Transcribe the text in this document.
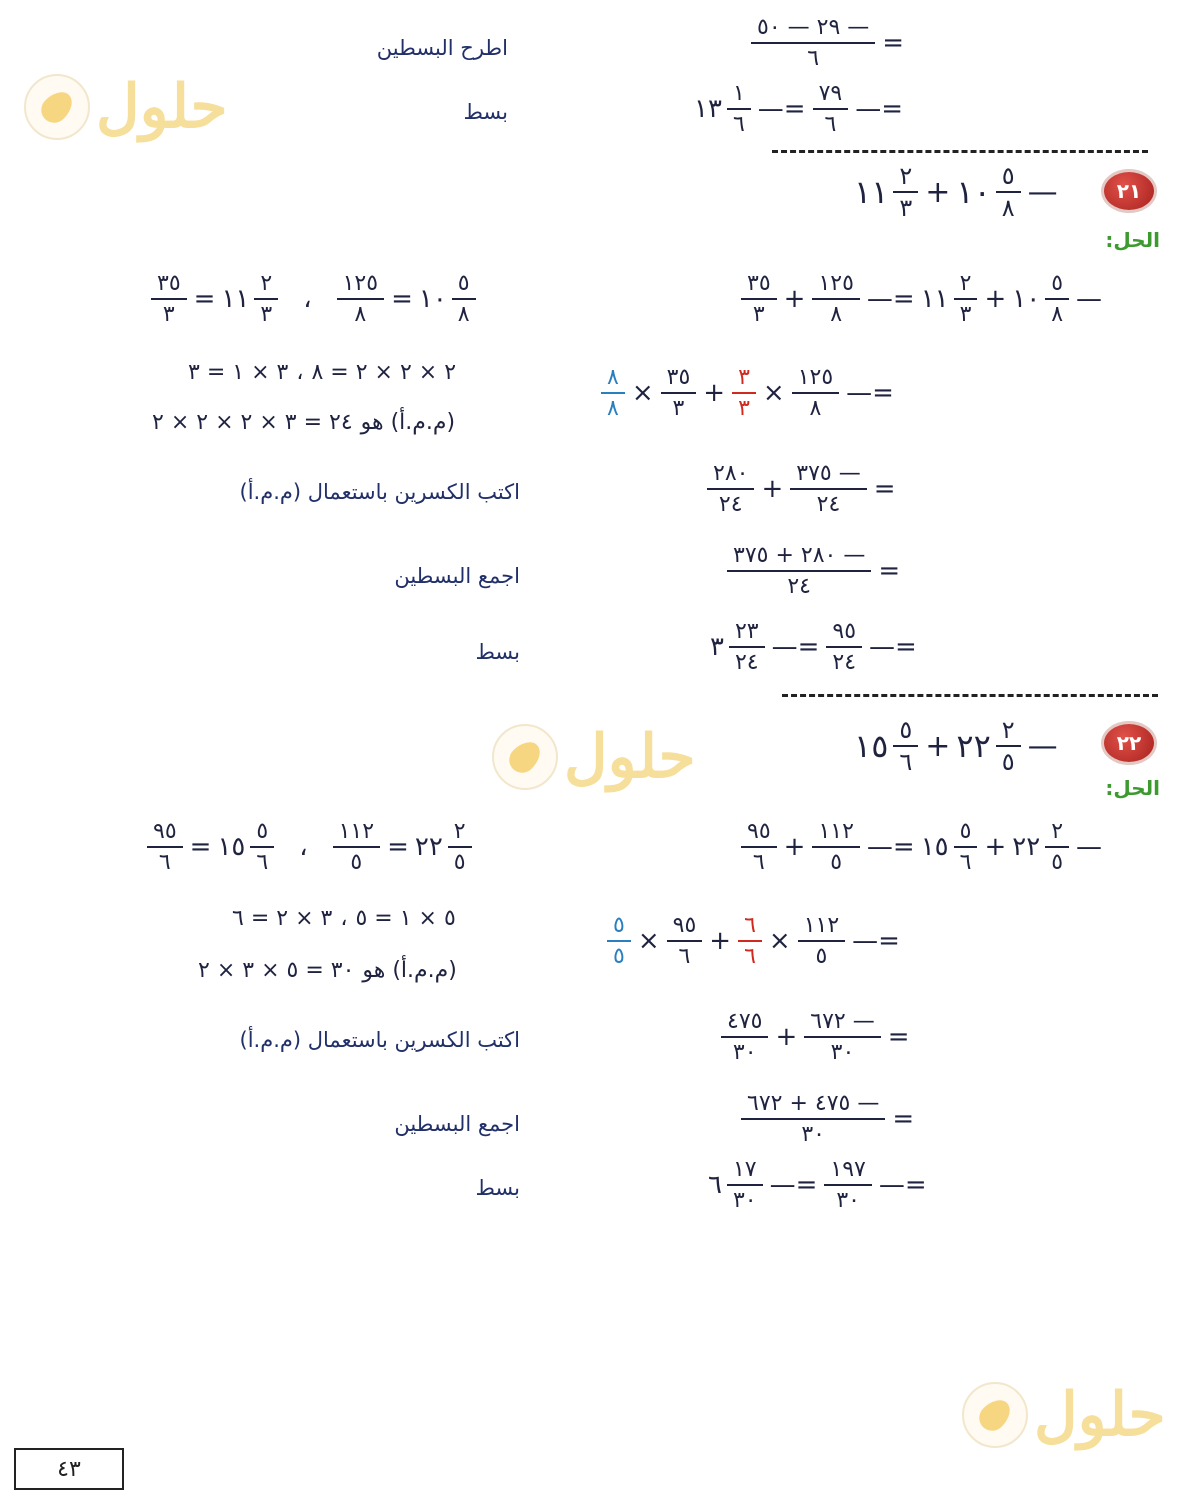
حلول
حلول
حلول
$\frac{٢٩ — ٥٠ —}{٦}$ =
اطرح البسطين
١٣ $\frac{١}{٦}$ —= $\frac{٧٩}{٦}$ —=
بسط
٢١
١١ $\frac{٢}{٣}$ + ١٠ $\frac{٥}{٨}$ —
الحل:
$\frac{٣٥}{٣} + \frac{١٢٥}{٨}$ —= ١١ $\frac{٢}{٣}$ + ١٠ $\frac{٥}{٨}$ —
$\frac{٣٥}{٣}$ = ١١ $\frac{٢}{٣}$ ، $\frac{١٢٥}{٨}$ = ١٠ $\frac{٥}{٨}$
٣ × ١ = ٣ ، ٢ × ٢ × ٢ = ٨
٢٤ = ٣ × ٢ × ٢ × ٢ (م.م.أ) هو
$\frac{٨}{٨} \times \frac{٣٥}{٣} + \frac{٣}{٣} \times \frac{١٢٥}{٨}$ —=
$\frac{٢٨٠}{٢٤} + \frac{٣٧٥ —}{٢٤}$ =
اكتب الكسرين باستعمال (م.م.أ)
$\frac{٢٨٠ + ٣٧٥ —}{٢٤}$ =
اجمع البسطين
٣ $\frac{٢٣}{٢٤}$ —= $\frac{٩٥}{٢٤}$ —=
بسط
٢٢
١٥ $\frac{٥}{٦}$ + ٢٢ $\frac{٢}{٥}$ —
الحل:
$\frac{٩٥}{٦} + \frac{١١٢}{٥}$ —= ١٥ $\frac{٥}{٦}$ + ٢٢ $\frac{٢}{٥}$ —
$\frac{٩٥}{٦}$ = ١٥ $\frac{٥}{٦}$ ، $\frac{١١٢}{٥}$ = ٢٢ $\frac{٢}{٥}$
٣ × ٢ = ٦ ، ٥ × ١ = ٥
٣٠ = ٥ × ٣ × ٢ (م.م.أ) هو
$\frac{٥}{٥} \times \frac{٩٥}{٦} + \frac{٦}{٦} \times \frac{١١٢}{٥}$ —=
$\frac{٤٧٥}{٣٠} + \frac{٦٧٢ —}{٣٠}$ =
اكتب الكسرين باستعمال (م.م.أ)
$\frac{٤٧٥ + ٦٧٢ —}{٣٠}$ =
اجمع البسطين
٦ $\frac{١٧}{٣٠}$ —= $\frac{١٩٧}{٣٠}$ —=
بسط
٤٣
